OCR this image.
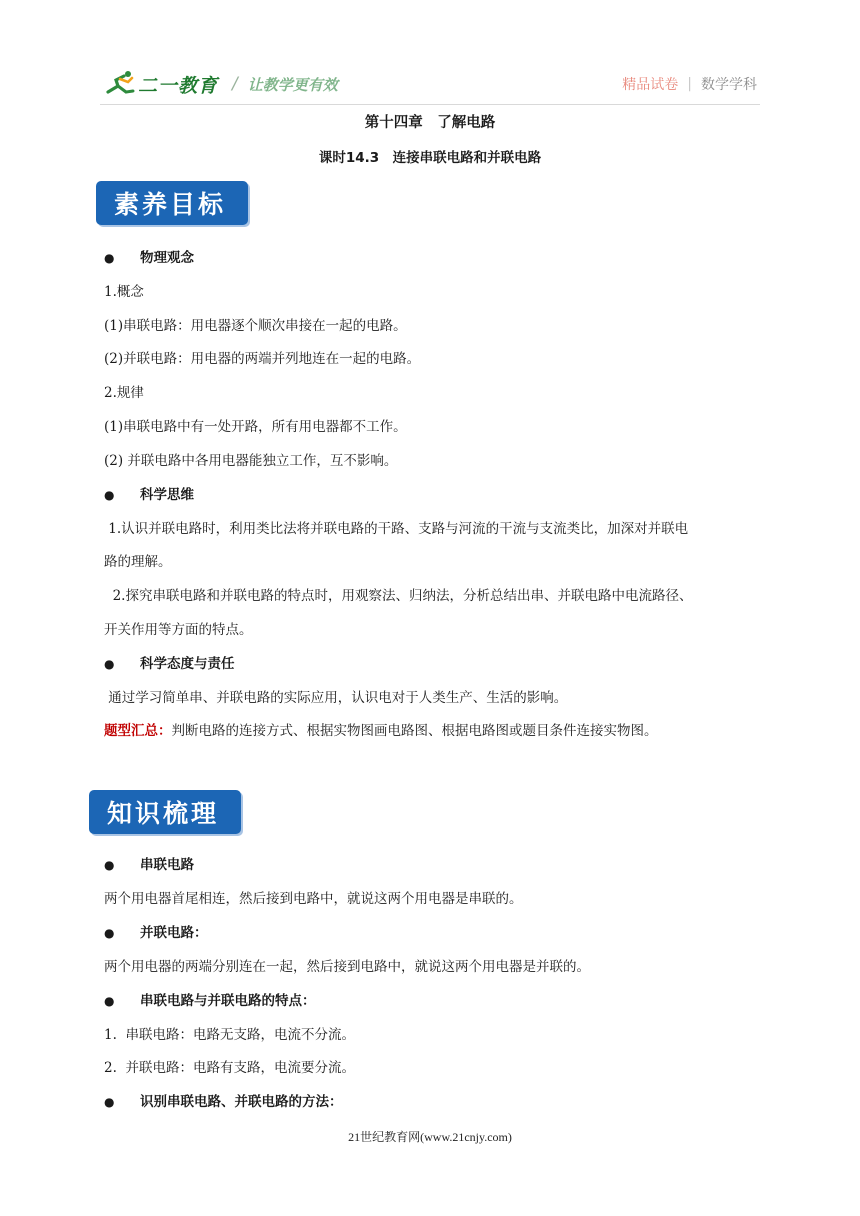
二一教育 / 让教学更有效	精品试卷 | 数学学科
第十四章　了解电路
课时14.3　连接串联电路和并联电路
素养目标
● 物理观念
1.概念
(1)串联电路：用电器逐个顺次串接在一起的电路。
(2)并联电路：用电器的两端并列地连在一起的电路。
2.规律
(1)串联电路中有一处开路，所有用电器都不工作。
(2) 并联电路中各用电器能独立工作，互不影响。
● 科学思维
1.认识并联电路时，利用类比法将并联电路的干路、支路与河流的干流与支流类比，加深对并联电
路的理解。
2.探究串联电路和并联电路的特点时，用观察法、归纳法，分析总结出串、并联电路中电流路径、
开关作用等方面的特点。
● 科学态度与责任
通过学习简单串、并联电路的实际应用，认识电对于人类生产、生活的影响。
题型汇总：判断电路的连接方式、根据实物图画电路图、根据电路图或题目条件连接实物图。
知识梳理
● 串联电路
两个用电器首尾相连，然后接到电路中，就说这两个用电器是串联的。
● 并联电路：
两个用电器的两端分别连在一起，然后接到电路中，就说这两个用电器是并联的。
● 串联电路与并联电路的特点：
1.  串联电路：电路无支路，电流不分流。
2.  并联电路：电路有支路，电流要分流。
● 识别串联电路、并联电路的方法：
21世纪教育网(www.21cnjy.com)
